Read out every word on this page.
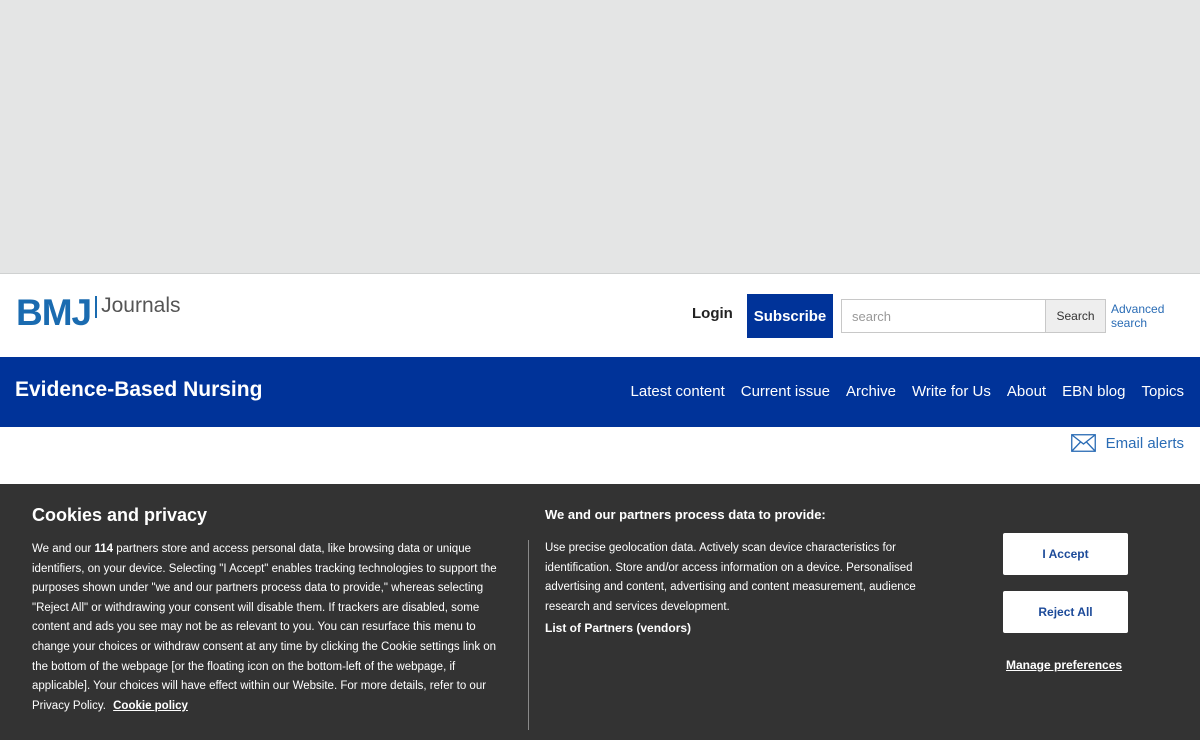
BMJ Journals	Login	Subscribe
search	Search	Advanced search
Evidence-Based Nursing	Latest content Current issue Archive Write for Us About EBN blog Topics
Email alerts
Cookies and privacy
We and our 114 partners store and access personal data, like browsing data or unique identifiers, on your device. Selecting "I Accept" enables tracking technologies to support the purposes shown under "we and our partners process data to provide," whereas selecting "Reject All" or withdrawing your consent will disable them. If trackers are disabled, some content and ads you see may not be as relevant to you. You can resurface this menu to change your choices or withdraw consent at any time by clicking the Cookie settings link on the bottom of the webpage [or the floating icon on the bottom-left of the webpage, if applicable]. Your choices will have effect within our Website. For more details, refer to our Privacy Policy. Cookie policy
We and our partners process data to provide:
Use precise geolocation data. Actively scan device characteristics for identification. Store and/or access information on a device. Personalised advertising and content, advertising and content measurement, audience research and services development.
List of Partners (vendors)
I Accept
Reject All
Manage preferences
